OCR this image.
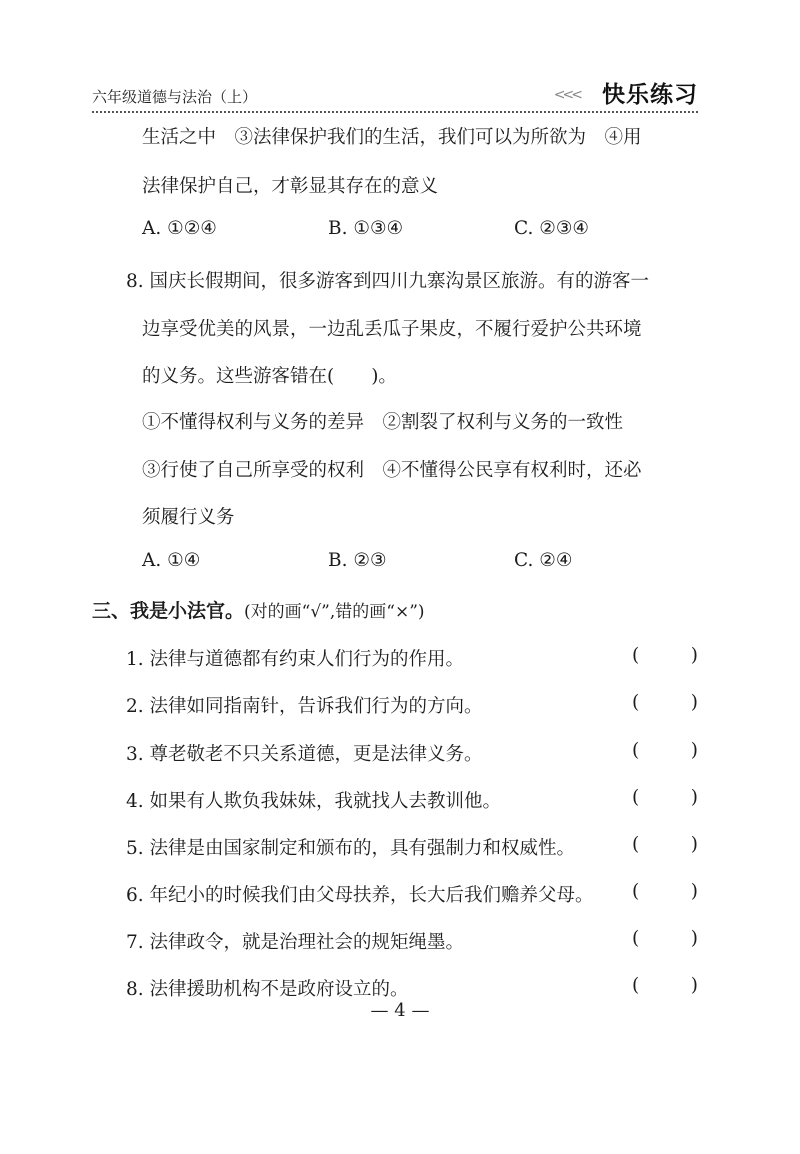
六年级道德与法治（上）	<<< 快乐练习
生活之中　③法律保护我们的生活，我们可以为所欲为　④用
法律保护自己，才彰显其存在的意义
A. ①②④	B. ①③④	C. ②③④
8. 国庆长假期间，很多游客到四川九寨沟景区旅游。有的游客一
边享受优美的风景，一边乱丢瓜子果皮，不履行爱护公共环境
的义务。这些游客错在(　　)。
①不懂得权利与义务的差异　②割裂了权利与义务的一致性
③行使了自己所享受的权利　④不懂得公民享有权利时，还必
须履行义务
A. ①④	B. ②③	C. ②④
三、我是小法官。(对的画“√”,错的画“×”)
1. 法律与道德都有约束人们行为的作用。	(	)
2. 法律如同指南针，告诉我们行为的方向。	(	)
3. 尊老敬老不只关系道德，更是法律义务。	(	)
4. 如果有人欺负我妹妹，我就找人去教训他。	(	)
5. 法律是由国家制定和颁布的，具有强制力和权威性。	(	)
6. 年纪小的时候我们由父母扶养，长大后我们赡养父母。 (	)
7. 法律政令，就是治理社会的规矩绳墨。	(	)
8. 法律援助机构不是政府设立的。	(	)
— 4 —
